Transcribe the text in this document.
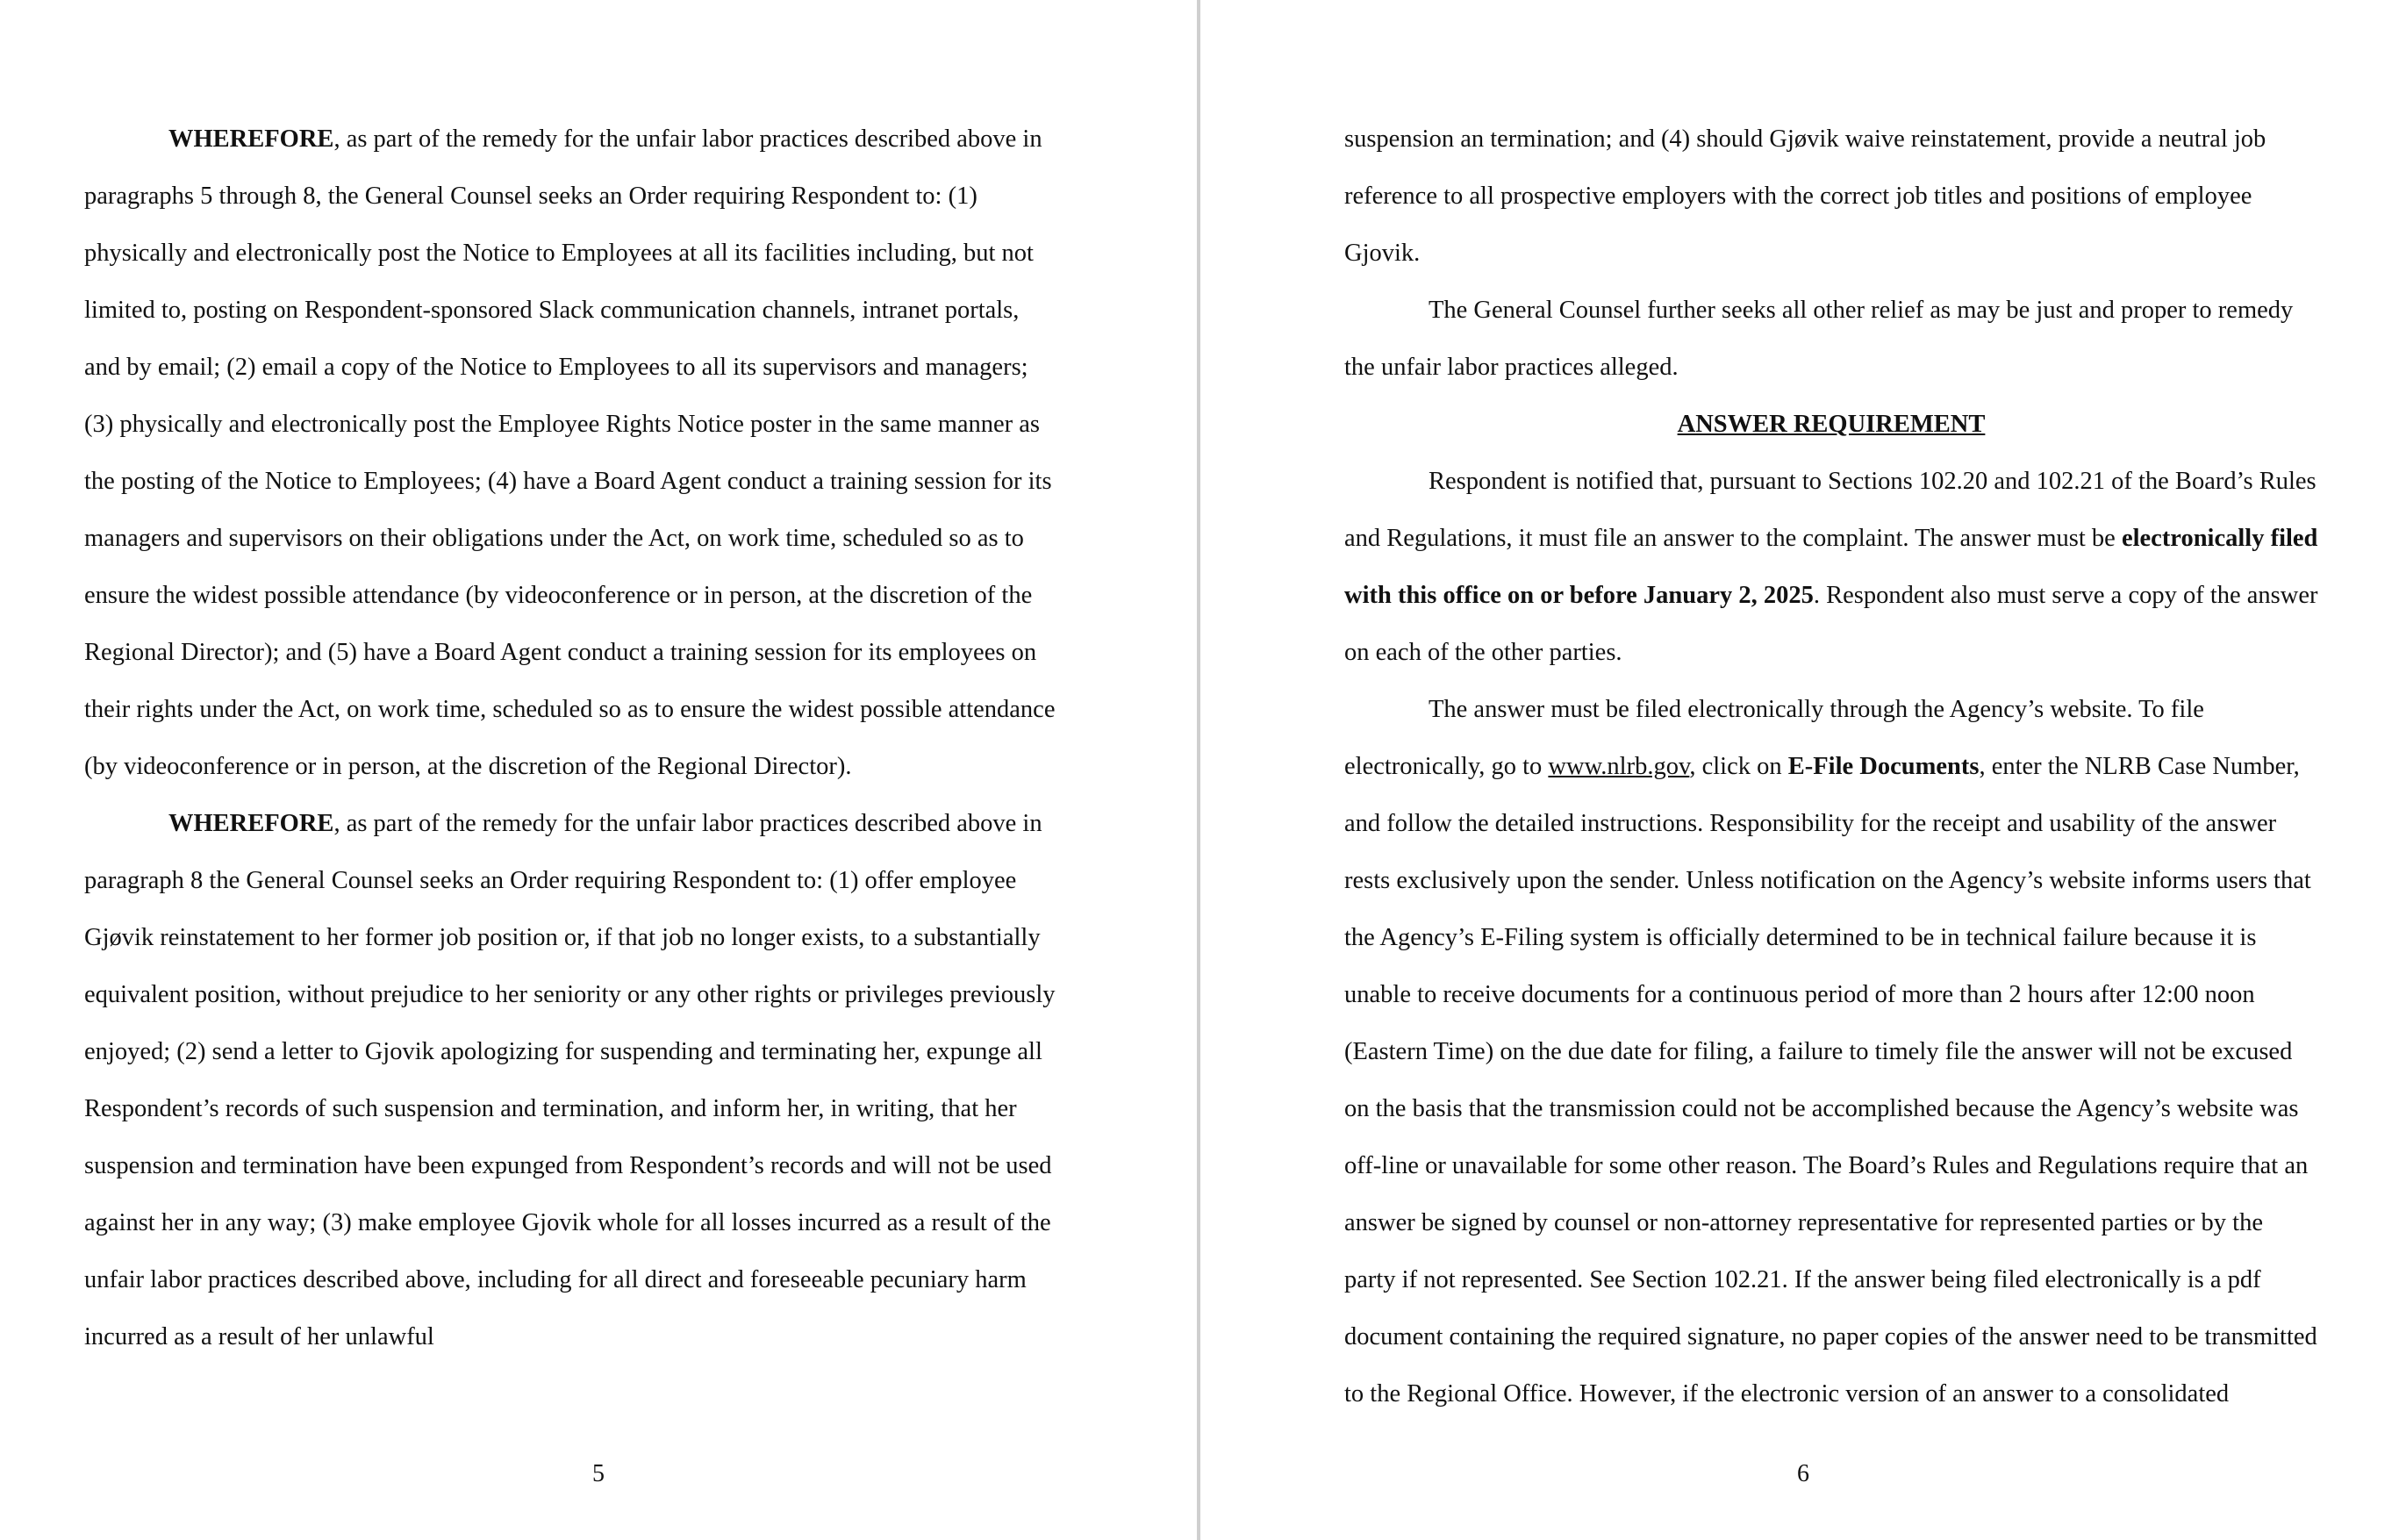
WHEREFORE, as part of the remedy for the unfair labor practices described above in paragraphs 5 through 8, the General Counsel seeks an Order requiring Respondent to: (1) physically and electronically post the Notice to Employees at all its facilities including, but not limited to, posting on Respondent-sponsored Slack communication channels, intranet portals, and by email; (2) email a copy of the Notice to Employees to all its supervisors and managers; (3) physically and electronically post the Employee Rights Notice poster in the same manner as the posting of the Notice to Employees; (4) have a Board Agent conduct a training session for its managers and supervisors on their obligations under the Act, on work time, scheduled so as to ensure the widest possible attendance (by videoconference or in person, at the discretion of the Regional Director); and (5) have a Board Agent conduct a training session for its employees on their rights under the Act, on work time, scheduled so as to ensure the widest possible attendance (by videoconference or in person, at the discretion of the Regional Director).

WHEREFORE, as part of the remedy for the unfair labor practices described above in paragraph 8 the General Counsel seeks an Order requiring Respondent to: (1) offer employee Gjøvik reinstatement to her former job position or, if that job no longer exists, to a substantially equivalent position, without prejudice to her seniority or any other rights or privileges previously enjoyed; (2) send a letter to Gjovik apologizing for suspending and terminating her, expunge all Respondent’s records of such suspension and termination, and inform her, in writing, that her suspension and termination have been expunged from Respondent’s records and will not be used against her in any way; (3) make employee Gjovik whole for all losses incurred as a result of the unfair labor practices described above, including for all direct and foreseeable pecuniary harm incurred as a result of her unlawful

5

suspension an termination; and (4) should Gjøvik waive reinstatement, provide a neutral job reference to all prospective employers with the correct job titles and positions of employee Gjovik.

The General Counsel further seeks all other relief as may be just and proper to remedy the unfair labor practices alleged.

ANSWER REQUIREMENT

Respondent is notified that, pursuant to Sections 102.20 and 102.21 of the Board’s Rules and Regulations, it must file an answer to the complaint. The answer must be electronically filed with this office on or before January 2, 2025. Respondent also must serve a copy of the answer on each of the other parties.

The answer must be filed electronically through the Agency’s website. To file electronically, go to www.nlrb.gov, click on E-File Documents, enter the NLRB Case Number, and follow the detailed instructions. Responsibility for the receipt and usability of the answer rests exclusively upon the sender. Unless notification on the Agency’s website informs users that the Agency’s E-Filing system is officially determined to be in technical failure because it is unable to receive documents for a continuous period of more than 2 hours after 12:00 noon (Eastern Time) on the due date for filing, a failure to timely file the answer will not be excused on the basis that the transmission could not be accomplished because the Agency’s website was off-line or unavailable for some other reason. The Board’s Rules and Regulations require that an answer be signed by counsel or non-attorney representative for represented parties or by the party if not represented. See Section 102.21. If the answer being filed electronically is a pdf document containing the required signature, no paper copies of the answer need to be transmitted to the Regional Office. However, if the electronic version of an answer to a consolidated

6
